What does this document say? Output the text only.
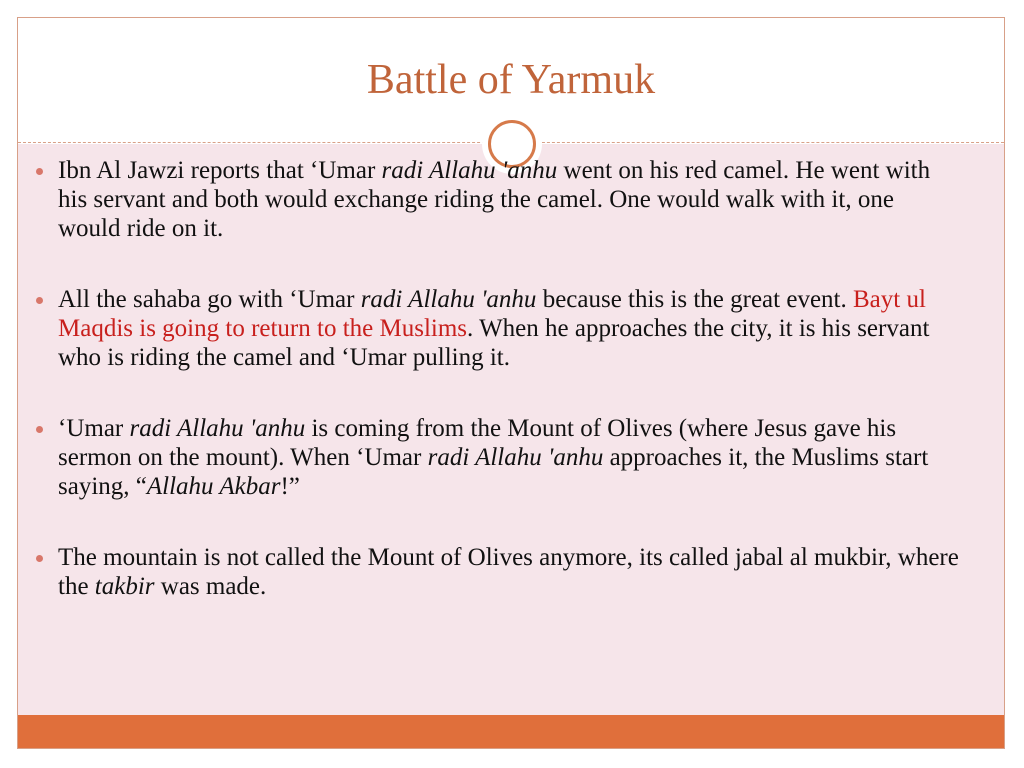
Battle of Yarmuk
Ibn Al Jawzi reports that ‘Umar radi Allahu 'anhu went on his red camel. He went with his servant and both would exchange riding the camel. One would walk with it, one would ride on it.
All the sahaba go with ‘Umar radi Allahu 'anhu because this is the great event. Bayt ul Maqdis is going to return to the Muslims. When he approaches the city, it is his servant who is riding the camel and ‘Umar pulling it.
‘Umar radi Allahu 'anhu is coming from the Mount of Olives (where Jesus gave his sermon on the mount). When ‘Umar radi Allahu 'anhu approaches it, the Muslims start saying, “Allahu Akbar!”
The mountain is not called the Mount of Olives anymore, its called jabal al mukbir, where the takbir was made.
